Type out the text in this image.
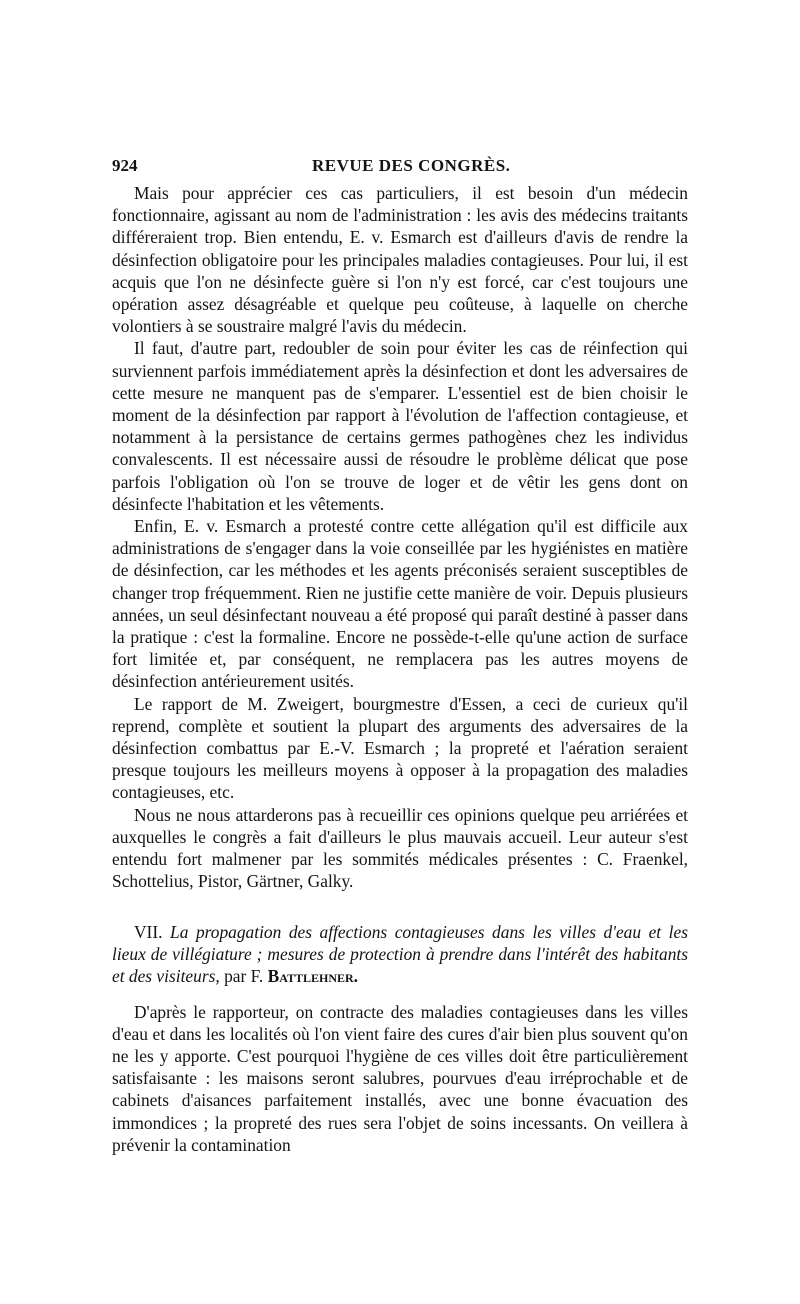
924	REVUE DES CONGRÈS.

Mais pour apprécier ces cas particuliers, il est besoin d'un médecin fonctionnaire, agissant au nom de l'administration : les avis des médecins traitants différeraient trop. Bien entendu, E. v. Esmarch est d'ailleurs d'avis de rendre la désinfection obligatoire pour les principales maladies contagieuses. Pour lui, il est acquis que l'on ne désinfecte guère si l'on n'y est forcé, car c'est toujours une opération assez désagréable et quelque peu coûteuse, à laquelle on cherche volontiers à se soustraire malgré l'avis du médecin.

Il faut, d'autre part, redoubler de soin pour éviter les cas de réinfection qui surviennent parfois immédiatement après la désinfection et dont les adversaires de cette mesure ne manquent pas de s'emparer. L'essentiel est de bien choisir le moment de la désinfection par rapport à l'évolution de l'affection contagieuse, et notamment à la persistance de certains germes pathogènes chez les individus convalescents. Il est nécessaire aussi de résoudre le problème délicat que pose parfois l'obligation où l'on se trouve de loger et de vêtir les gens dont on désinfecte l'habitation et les vêtements.

Enfin, E. v. Esmarch a protesté contre cette allégation qu'il est difficile aux administrations de s'engager dans la voie conseillée par les hygiénistes en matière de désinfection, car les méthodes et les agents préconisés seraient susceptibles de changer trop fréquemment. Rien ne justifie cette manière de voir. Depuis plusieurs années, un seul désinfectant nouveau a été proposé qui paraît destiné à passer dans la pratique : c'est la formaline. Encore ne possède-t-elle qu'une action de surface fort limitée et, par conséquent, ne remplacera pas les autres moyens de désinfection antérieurement usités.

Le rapport de M. Zweigert, bourgmestre d'Essen, a ceci de curieux qu'il reprend, complète et soutient la plupart des arguments des adversaires de la désinfection combattus par E.-V. Esmarch ; la propreté et l'aération seraient presque toujours les meilleurs moyens à opposer à la propagation des maladies contagieuses, etc.

Nous ne nous attarderons pas à recueillir ces opinions quelque peu arriérées et auxquelles le congrès a fait d'ailleurs le plus mauvais accueil. Leur auteur s'est entendu fort malmener par les sommités médicales présentes : C. Fraenkel, Schottelius, Pistor, Gärtner, Galky.

VII. La propagation des affections contagieuses dans les villes d'eau et les lieux de villégiature ; mesures de protection à prendre dans l'intérêt des habitants et des visiteurs, par F. Battlehner.

D'après le rapporteur, on contracte des maladies contagieuses dans les villes d'eau et dans les localités où l'on vient faire des cures d'air bien plus souvent qu'on ne les y apporte. C'est pourquoi l'hygiène de ces villes doit être particulièrement satisfaisante : les maisons seront salubres, pourvues d'eau irréprochable et de cabinets d'aisances parfaitement installés, avec une bonne évacuation des immondices ; la propreté des rues sera l'objet de soins incessants. On veillera à prévenir la contamination
